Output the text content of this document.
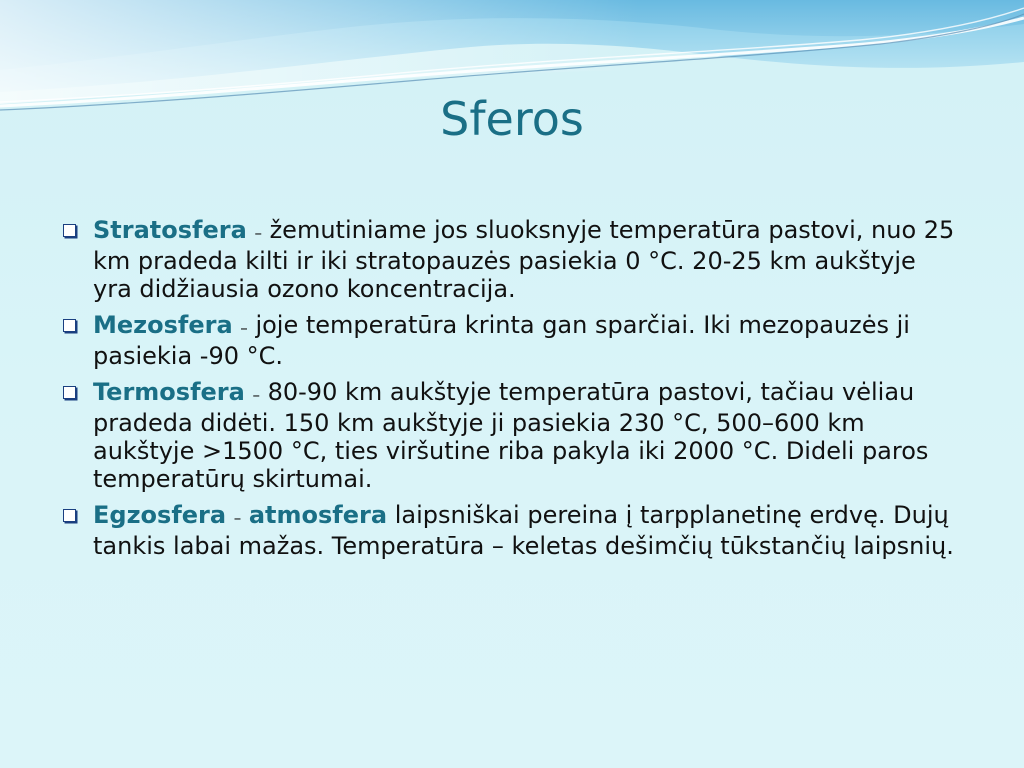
Sferos
Stratosfera – žemutiniame jos sluoksnyje temperatūra pastovi, nuo 25 km pradeda kilti ir iki stratopauzės pasiekia 0 °C. 20-25 km aukštyje yra didžiausia ozono koncentracija.
Mezosfera – joje temperatūra krinta gan sparčiai. Iki mezopauzės ji pasiekia -90 °C.
Termosfera – 80-90 km aukštyje temperatūra pastovi, tačiau vėliau pradeda didėti. 150 km aukštyje ji pasiekia 230 °C, 500–600 km aukštyje >1500 °C, ties viršutine riba pakyla iki 2000 °C. Dideli paros temperatūrų skirtumai.
Egzosfera – atmosfera laipsniškai pereina į tarpplanetinę erdvę. Dujų tankis labai mažas. Temperatūra – keletas dešimčių tūkstančių laipsnių.
